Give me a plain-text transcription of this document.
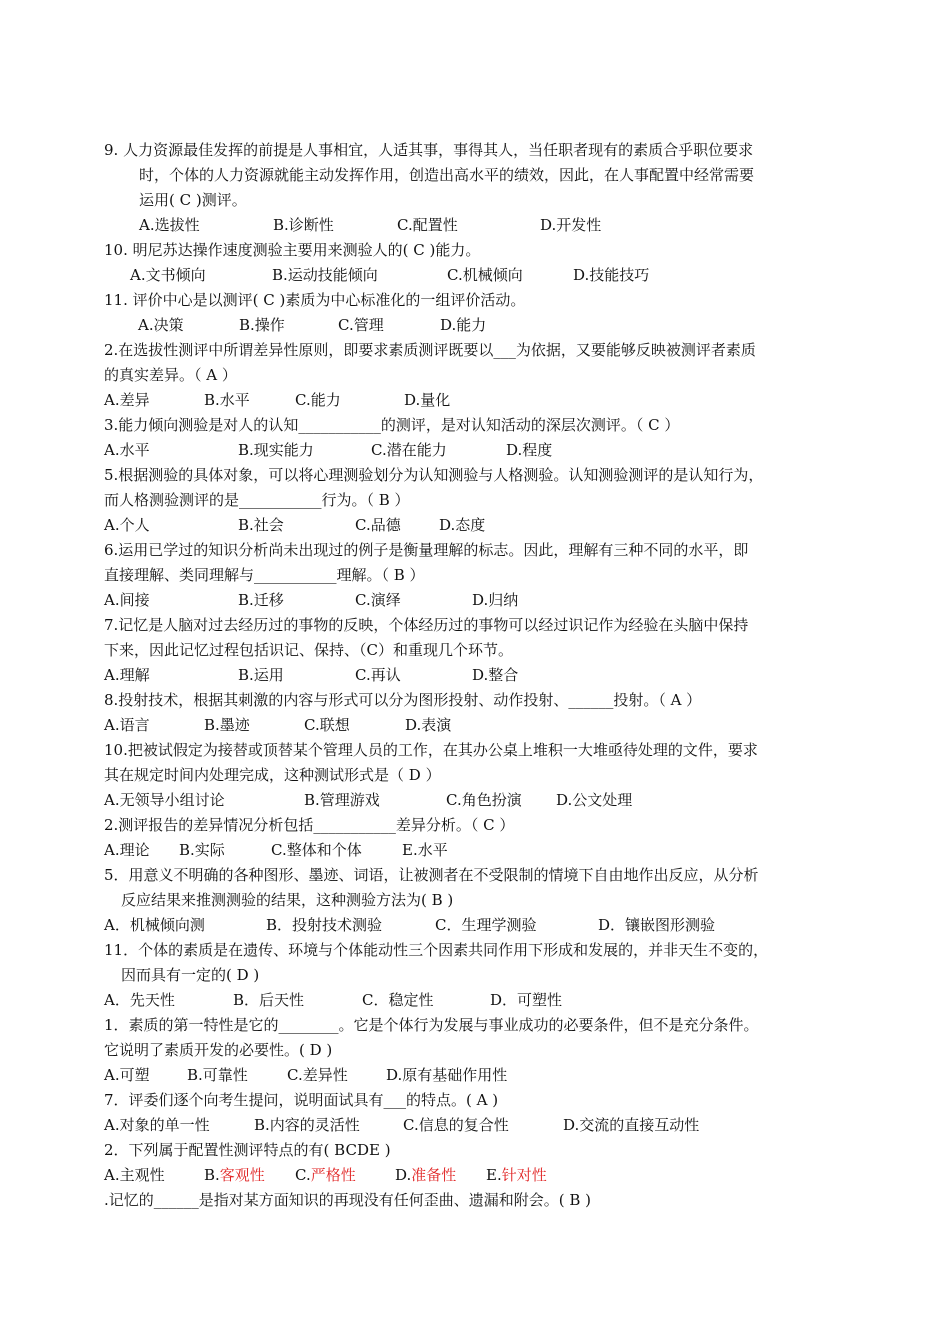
9. 人力资源最佳发挥的前提是人事相宜，人适其事，事得其人，当任职者现有的素质合乎职位要求
时，个体的人力资源就能主动发挥作用，创造出高水平的绩效，因此，在人事配置中经常需要
运用( C )测评。
A.选拔性	B.诊断性	C.配置性	D.开发性
10. 明尼苏达操作速度测验主要用来测验人的( C )能力。
A.文书倾向	B.运动技能倾向	C.机械倾向	D.技能技巧
11. 评价中心是以测评( C )素质为中心标准化的一组评价活动。
A.决策	B.操作	C.管理	D.能力
2.在选拔性测评中所谓差异性原则，即要求素质测评既要以___为依据，又要能够反映被测评者素质
的真实差异。（ A ）
A.差异	B.水平	C.能力	D.量化
3.能力倾向测验是对人的认知___________的测评，是对认知活动的深层次测评。（ C ）
A.水平	B.现实能力	C.潜在能力	D.程度
5.根据测验的具体对象，可以将心理测验划分为认知测验与人格测验。认知测验测评的是认知行为，
而人格测验测评的是___________行为。（ B ）
A.个人	B.社会	C.品德	D.态度
6.运用已学过的知识分析尚未出现过的例子是衡量理解的标志。因此，理解有三种不同的水平，即
直接理解、类同理解与___________理解。（ B ）
A.间接	B.迁移	C.演绎	D.归纳
7.记忆是人脑对过去经历过的事物的反映，个体经历过的事物可以经过识记作为经验在头脑中保持
下来，因此记忆过程包括识记、保持、（C）和重现几个环节。
A.理解	B.运用	C.再认	D.整合
8.投射技术，根据其刺激的内容与形式可以分为图形投射、动作投射、______投射。（ A ）
A.语言	B.墨迹	C.联想	D.表演
10.把被试假定为接替或顶替某个管理人员的工作，在其办公桌上堆积一大堆亟待处理的文件，要求
其在规定时间内处理完成，这种测试形式是（ D ）
A.无领导小组讨论	B.管理游戏	C.角色扮演	D.公文处理
2.测评报告的差异情况分析包括___________差异分析。（ C ）
A.理论	B.实际	C.整体和个体	E.水平
5．用意义不明确的各种图形、墨迹、词语，让被测者在不受限制的情境下自由地作出反应，从分析
反应结果来推测测验的结果，这种测验方法为( B )
A．机械倾向测	B．投射技术测验	C．生理学测验	D．镶嵌图形测验
11．个体的素质是在遗传、环境与个体能动性三个因素共同作用下形成和发展的，并非天生不变的，
因而具有一定的( D )
A．先天性	B．后天性	C．稳定性	D．可塑性
1．素质的第一特性是它的________。它是个体行为发展与事业成功的必要条件，但不是充分条件。
它说明了素质开发的必要性。( D )
A.可塑	B.可靠性	C.差异性	D.原有基础作用性
7．评委们逐个向考生提问，说明面试具有___的特点。( A )
A.对象的单一性	B.内容的灵活性	C.信息的复合性	D.交流的直接互动性
2．下列属于配置性测评特点的有( BCDE )
A.主观性	B.客观性	C.严格性	D.准备性	E.针对性
.记忆的______是指对某方面知识的再现没有任何歪曲、遗漏和附会。( B )
